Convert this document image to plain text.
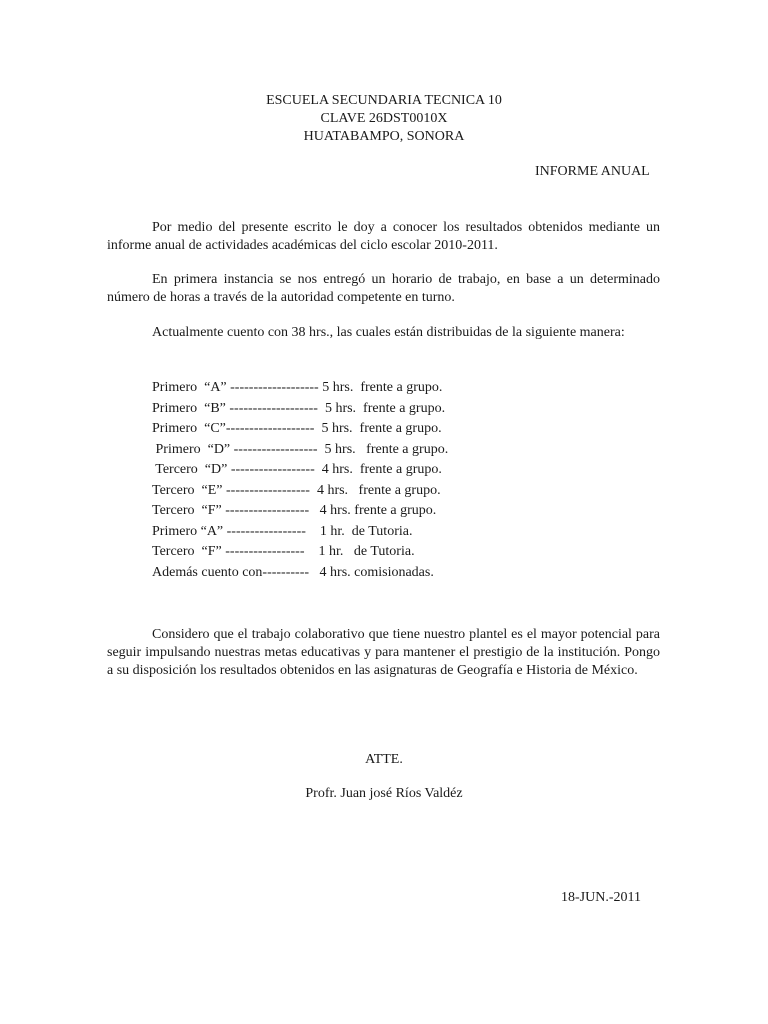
ESCUELA SECUNDARIA TECNICA 10
CLAVE 26DST0010X
HUATABAMPO, SONORA
INFORME ANUAL

Por medio del presente escrito le doy a conocer los resultados obtenidos mediante un informe anual de actividades académicas del ciclo escolar 2010-2011.

En primera instancia se nos entregó un horario de trabajo, en base a un determinado número de horas a través de la autoridad competente en turno.

Actualmente cuento con 38 hrs., las cuales están distribuidas de la siguiente manera:

Primero  “A” ------------------- 5 hrs.  frente a grupo.
Primero  “B” -------------------  5 hrs.  frente a grupo.
Primero  “C”-------------------  5 hrs.  frente a grupo.
Primero  “D” ------------------  5 hrs.   frente a grupo.
Tercero  “D” ------------------  4 hrs.  frente a grupo.
Tercero  “E” ------------------  4 hrs.   frente a grupo.
Tercero  “F” ------------------   4 hrs. frente a grupo.
Primero “A” -----------------    1 hr.  de Tutoria.
Tercero  “F” -----------------    1 hr.   de Tutoria.
Además cuento con----------   4 hrs. comisionadas.

Considero que el trabajo colaborativo que tiene nuestro plantel es el mayor potencial para seguir impulsando nuestras metas educativas y para mantener el prestigio de la institución. Pongo a su disposición los resultados obtenidos en las asignaturas de Geografía e Historia de México.

ATTE.
Profr. Juan josé Ríos Valdéz
18-JUN.-2011
